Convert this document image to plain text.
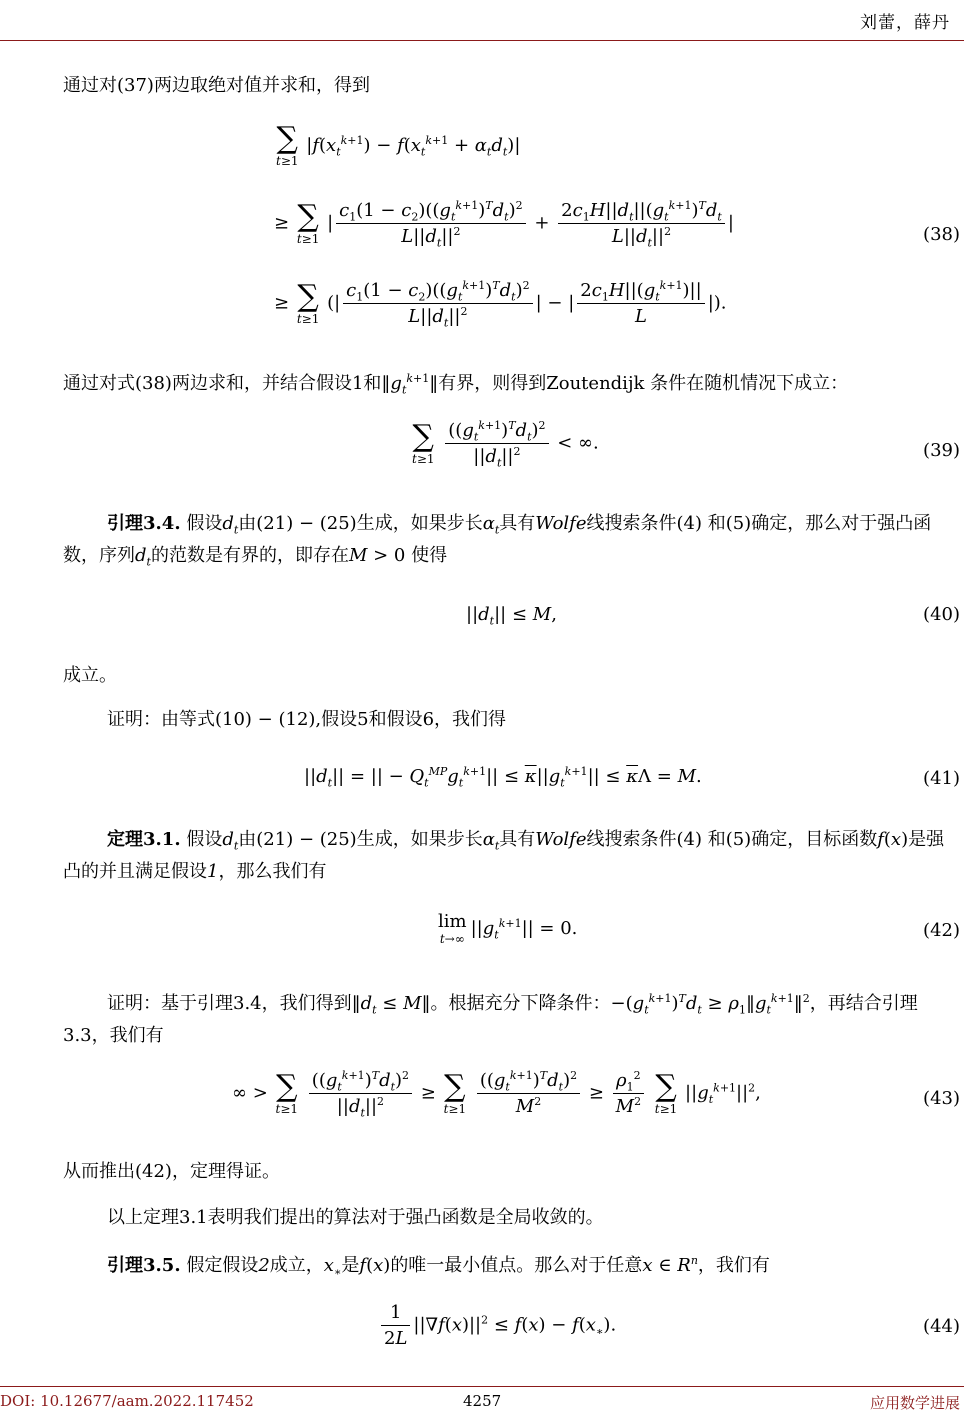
刘蕾，薛丹
通过对(37)两边取绝对值并求和，得到
∑
t≥1
$|f(x_t^{k+1}) - f(x_t^{k+1} + \alpha_td_t)|$
≥ ∑
t≥1
| $\frac{c_1(1 - c_2)((g_t^{k+1})^Td_t)^2}{L||d_t||^2} + \frac{2c_1H||d_t||(g_t^{k+1})^Td_t}{L||d_t||^2}$ |
(38)
≥ ∑
t≥1
(| $\frac{c_1(1 - c_2)((g_t^{k+1})^Td_t)^2}{L||d_t||^2}$ | − | $\frac{2c_1H||(g_t^{k+1})||}{L}$ |).
通过对式(38)两边求和，并结合假设1和$‖g_t^{k+1}‖$有界，则得到Zoutendijk 条件在随机情况下成立：
∑
t≥1
$\frac{((g_t^{k+1})^Td_t)^2}{||d_t||^2}$ < ∞.	(39)
引理3.4. 假设$d_t$由(21) − (25)生成，如果步长$\alpha_t$具有Wolfe线搜索条件(4) 和(5)确定，那么对于强凸函数，序列$d_t$的范数是有界的，即存在M > 0 使得
$||d_t|| \le M$,	(40)
成立。
证明：由等式(10) − (12),假设5和假设6，我们得
$||d_t||$ = || − $Q_t^{MP}g_t^{k+1}|| \le \overline{\kappa}||g_t^{k+1}|| \le \overline{\kappa}\Lambda = M$.	(41)
定理3.1. 假设$d_t$由(21) − (25)生成，如果步长$\alpha_t$具有Wolfe线搜索条件(4) 和(5)确定，目标函数f(x)是强凸的并且满足假设1，那么我们有
lim
t→∞ $||g_t^{k+1}|| = 0$.	(42)
证明：基于引理3.4，我们得到$‖d_t$ ≤ M‖。根据充分下降条件：$-(g_t^{k+1})^Td_t$ ≥ $\rho_1‖g_t^{k+1}‖^2$，再结合引理3.3，我们有
∞ > ∑
t≥1
$\frac{((g_t^{k+1})^Td_t)^2}{||d_t||^2}$ ≥ ∑
t≥1
$\frac{((g_t^{k+1})^Td_t)^2}{M^2} \ge \frac{\rho_1^2}{M^2}$
∑
t≥1
$||g_t^{k+1}||^2$,	(43)
从而推出(42)，定理得证。
以上定理3.1表明我们提出的算法对于强凸函数是全局收敛的。
引理3.5. 假定假设2成立，$x_∗$是f(x)的唯一最小值点。那么对于任意x ∈ $R^n$，我们有
$\frac{1}{2L} ||\nabla f(x)||^2 \le f(x) - f(x_∗)$.	(44)
DOI: 10.12677/aam.2022.117452	4257	应用数学进展
